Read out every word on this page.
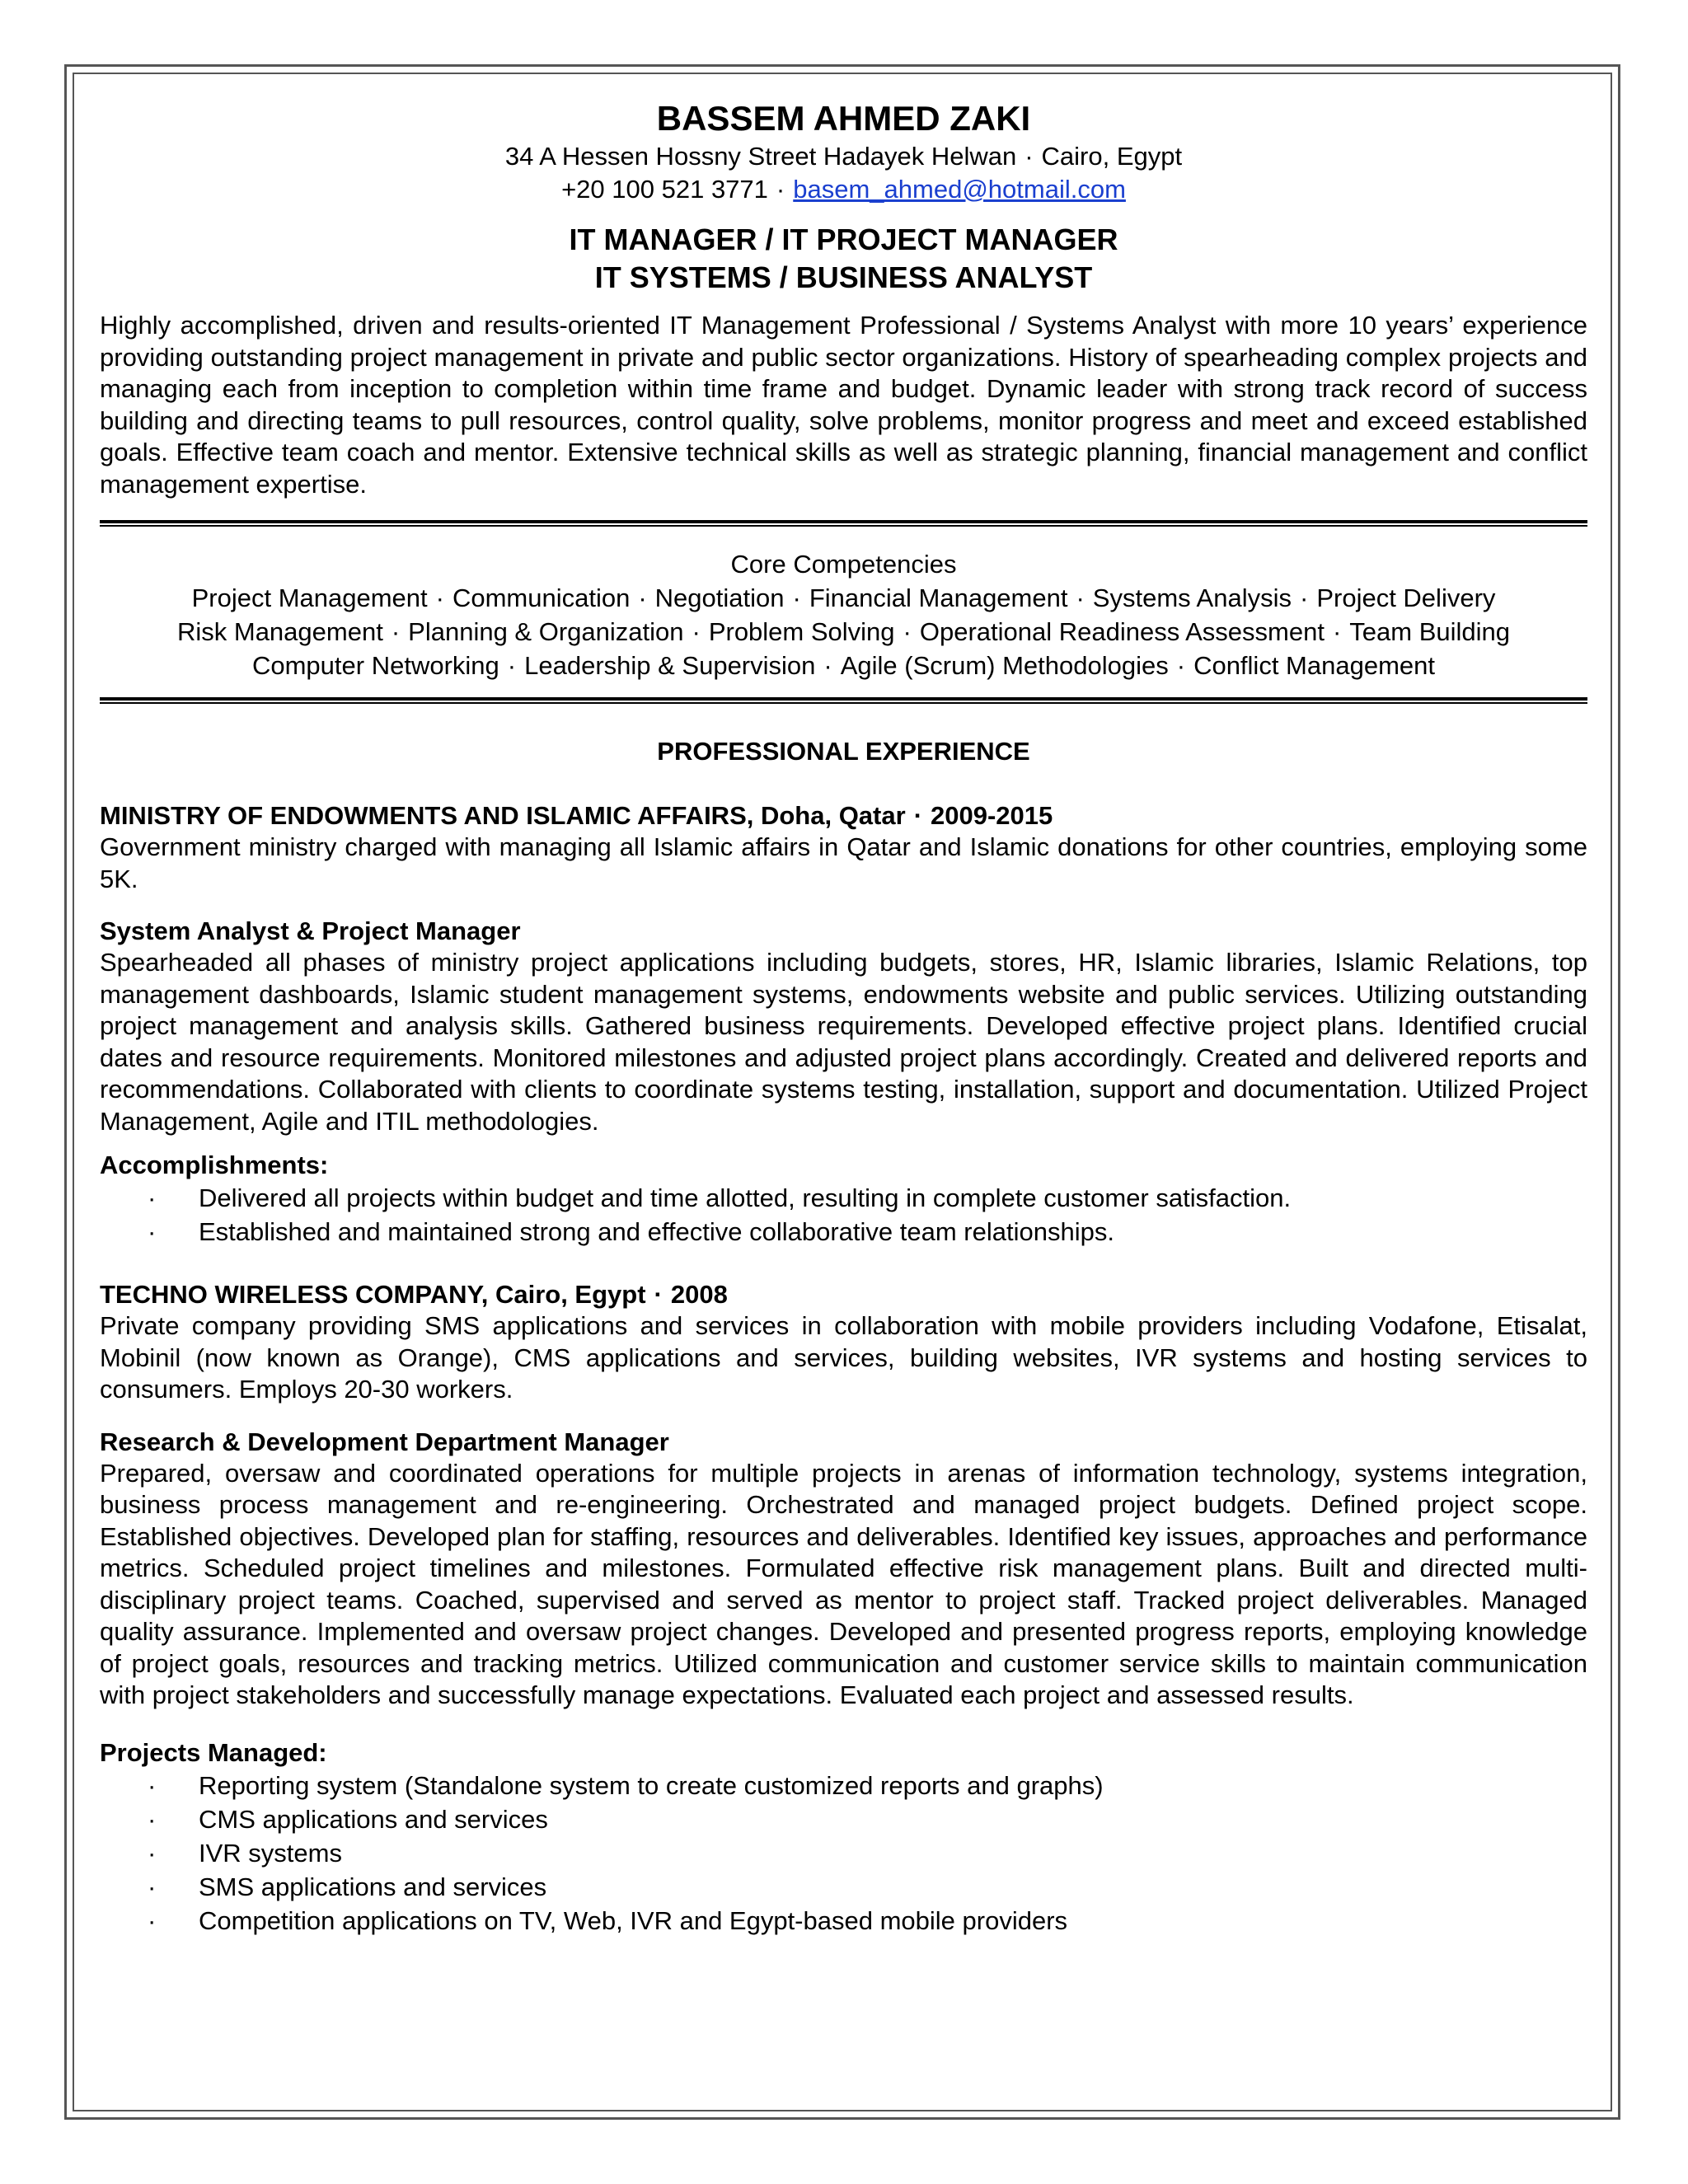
BASSEM AHMED ZAKI

34 A Hessen Hossny Street Hadayek Helwan · Cairo, Egypt

+20 100 521 3771 · basem_ahmed@hotmail.com

IT MANAGER / IT PROJECT MANAGER

IT SYSTEMS / BUSINESS ANALYST

Highly accomplished, driven and results-oriented IT Management Professional / Systems Analyst with more 10 years’ experience providing outstanding project management in private and public sector organizations. History of spearheading complex projects and managing each from inception to completion within time frame and budget. Dynamic leader with strong track record of success building and directing teams to pull resources, control quality, solve problems, monitor progress and meet and exceed established goals. Effective team coach and mentor. Extensive technical skills as well as strategic planning, financial management and conflict management expertise.

Core Competencies

Project Management · Communication · Negotiation · Financial Management · Systems Analysis · Project Delivery

Risk Management · Planning & Organization · Problem Solving · Operational Readiness Assessment · Team Building

Computer Networking · Leadership & Supervision · Agile (Scrum) Methodologies · Conflict Management

PROFESSIONAL EXPERIENCE

MINISTRY OF ENDOWMENTS AND ISLAMIC AFFAIRS, Doha, Qatar · 2009-2015

Government ministry charged with managing all Islamic affairs in Qatar and Islamic donations for other countries, employing some 5K.

System Analyst & Project Manager

Spearheaded all phases of ministry project applications including budgets, stores, HR, Islamic libraries, Islamic Relations, top management dashboards, Islamic student management systems, endowments website and public services. Utilizing outstanding project management and analysis skills. Gathered business requirements. Developed effective project plans. Identified crucial dates and resource requirements. Monitored milestones and adjusted project plans accordingly. Created and delivered reports and recommendations. Collaborated with clients to coordinate systems testing, installation, support and documentation. Utilized Project Management, Agile and ITIL methodologies.

Accomplishments:

· Delivered all projects within budget and time allotted, resulting in complete customer satisfaction.
· Established and maintained strong and effective collaborative team relationships.

TECHNO WIRELESS COMPANY, Cairo, Egypt · 2008

Private company providing SMS applications and services in collaboration with mobile providers including Vodafone, Etisalat, Mobinil (now known as Orange), CMS applications and services, building websites, IVR systems and hosting services to consumers. Employs 20-30 workers.

Research & Development Department Manager

Prepared, oversaw and coordinated operations for multiple projects in arenas of information technology, systems integration, business process management and re-engineering. Orchestrated and managed project budgets. Defined project scope. Established objectives. Developed plan for staffing, resources and deliverables. Identified key issues, approaches and performance metrics. Scheduled project timelines and milestones. Formulated effective risk management plans. Built and directed multi-disciplinary project teams. Coached, supervised and served as mentor to project staff. Tracked project deliverables. Managed quality assurance. Implemented and oversaw project changes. Developed and presented progress reports, employing knowledge of project goals, resources and tracking metrics. Utilized communication and customer service skills to maintain communication with project stakeholders and successfully manage expectations. Evaluated each project and assessed results.

Projects Managed:

· Reporting system (Standalone system to create customized reports and graphs)
· CMS applications and services
· IVR systems
· SMS applications and services
· Competition applications on TV, Web, IVR and Egypt-based mobile providers
